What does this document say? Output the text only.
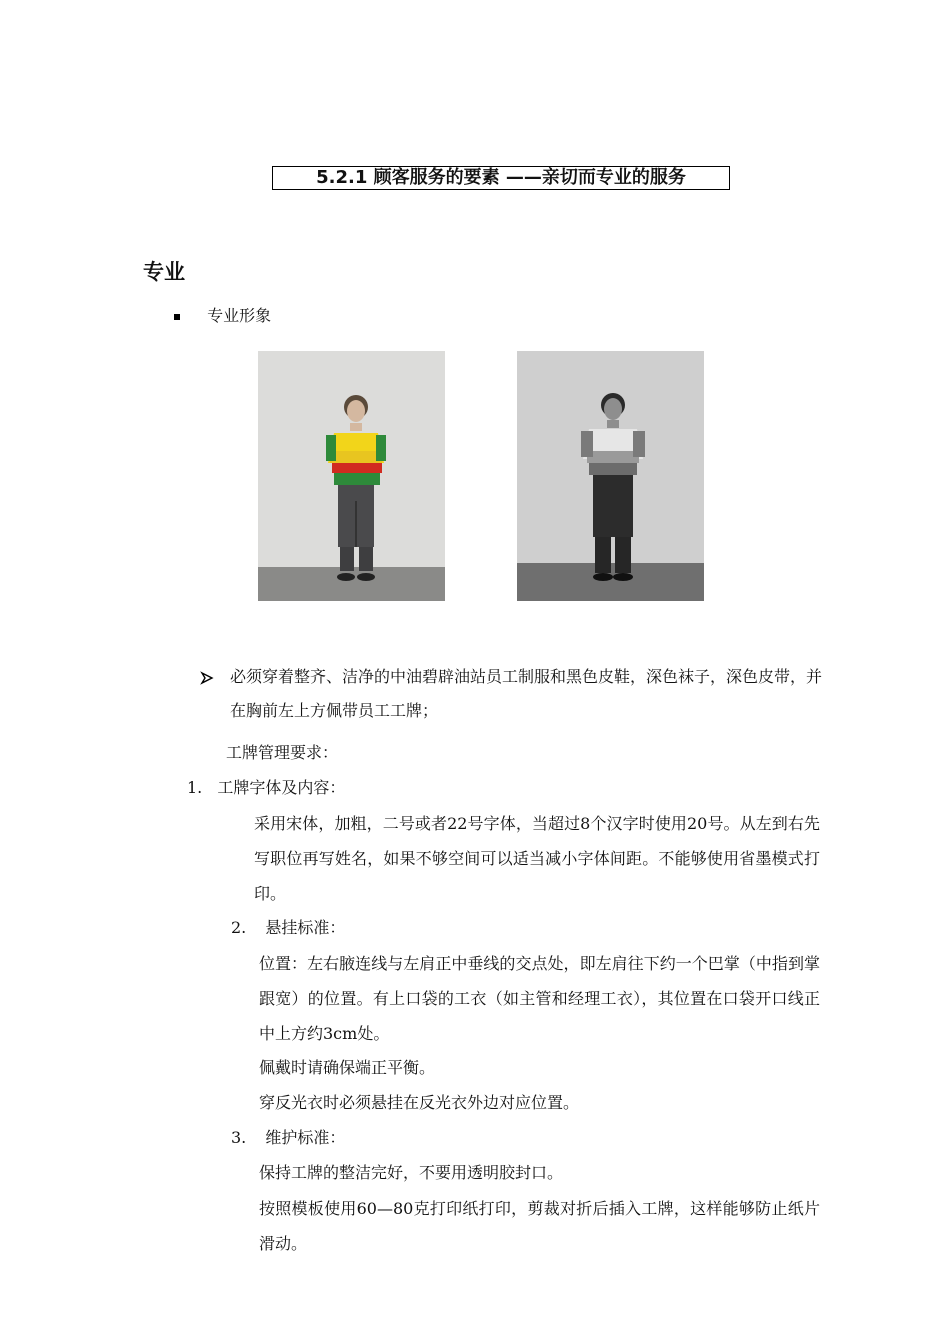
5.2.1 顾客服务的要素 ——亲切而专业的服务
专业
专业形象
必须穿着整齐、洁净的中油碧辟油站员工制服和黑色皮鞋，深色袜子，深色皮带，并在胸前左上方佩带员工工牌；
工牌管理要求：
1. 工牌字体及内容：
采用宋体，加粗，二号或者22号字体，当超过8个汉字时使用20号。从左到右先写职位再写姓名，如果不够空间可以适当减小字体间距。不能够使用省墨模式打印。
2. 悬挂标准：
位置：左右腋连线与左肩正中垂线的交点处，即左肩往下约一个巴掌（中指到掌跟宽）的位置。有上口袋的工衣（如主管和经理工衣），其位置在口袋开口线正中上方约3cm处。
佩戴时请确保端正平衡。
穿反光衣时必须悬挂在反光衣外边对应位置。
3. 维护标准：
保持工牌的整洁完好，不要用透明胶封口。
按照模板使用60—80克打印纸打印，剪裁对折后插入工牌，这样能够防止纸片滑动。
